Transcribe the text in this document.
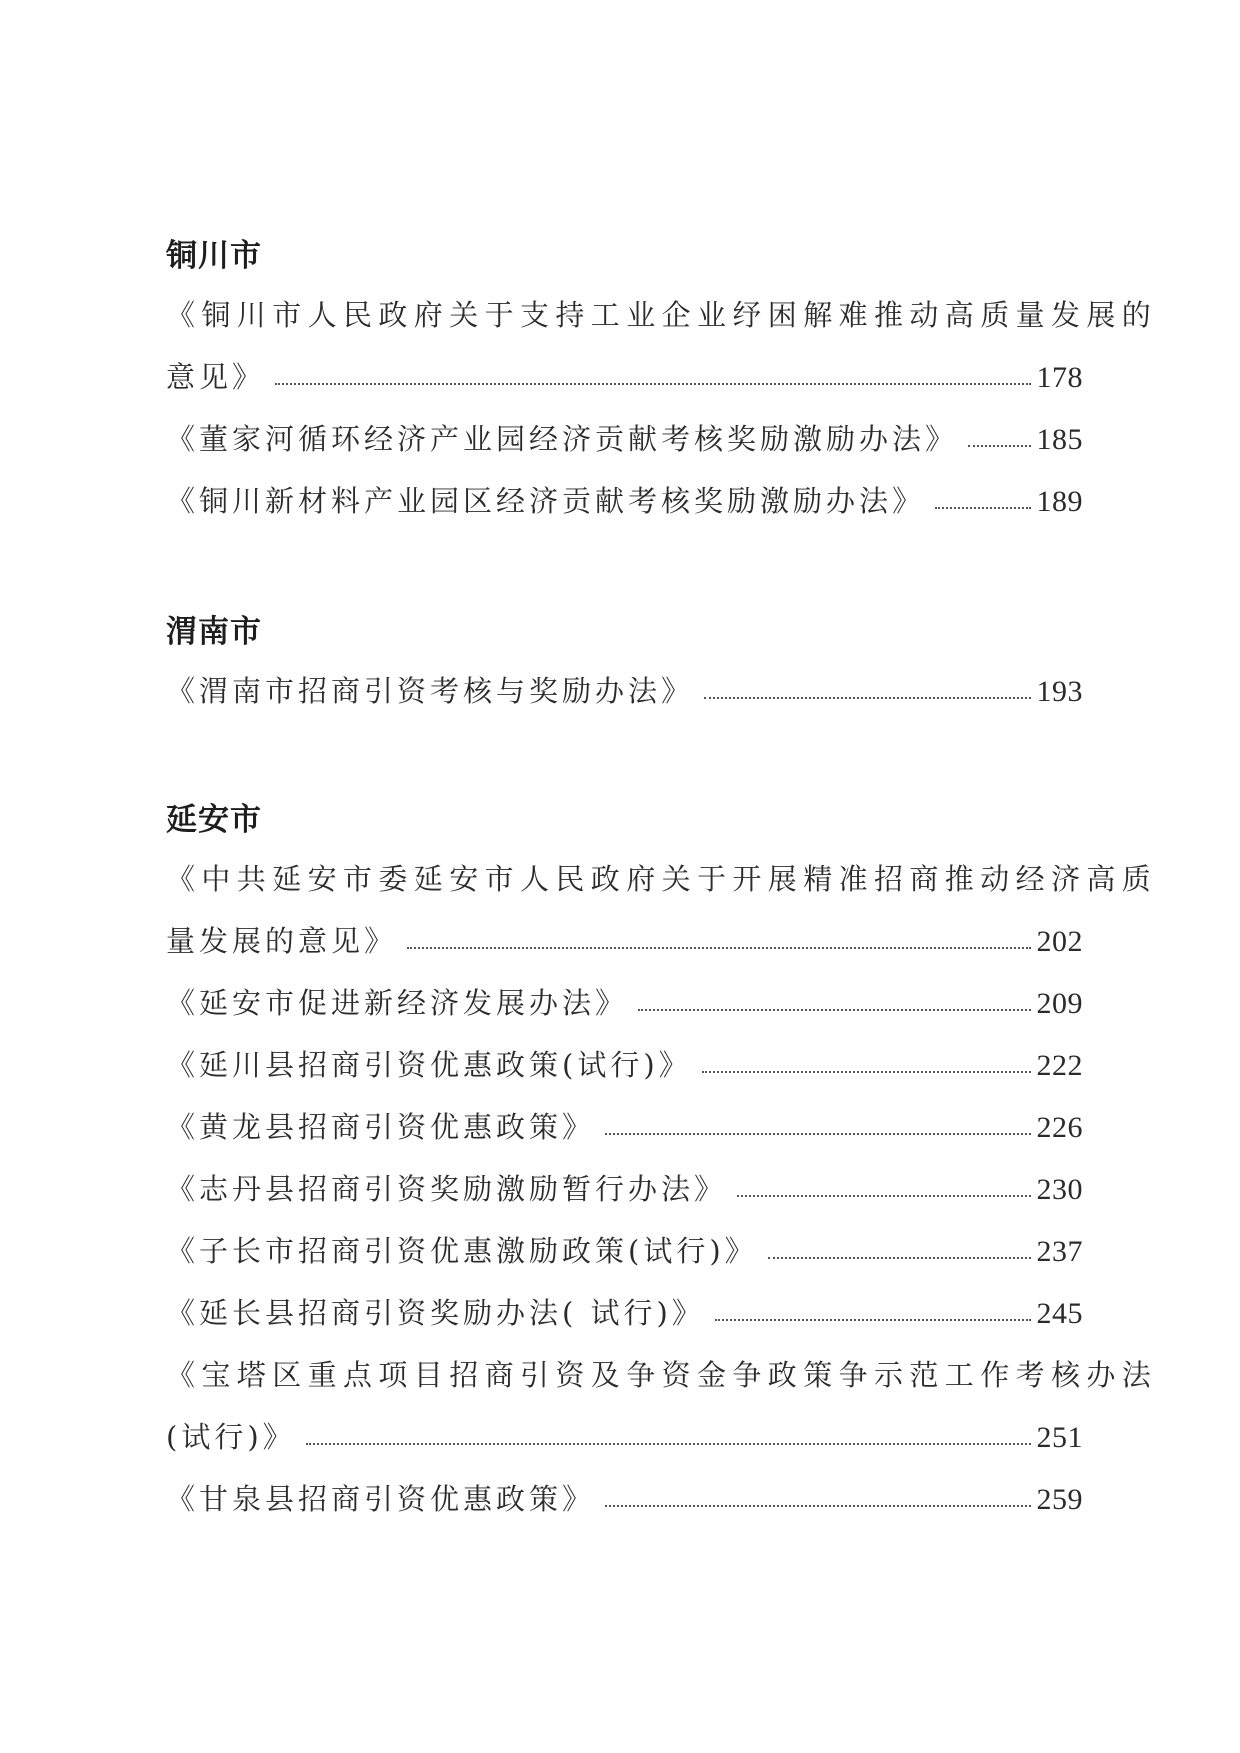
铜川市
《铜川市人民政府关于支持工业企业纾困解难推动高质量发展的
意见》	178
《董家河循环经济产业园经济贡献考核奖励激励办法》	185
《铜川新材料产业园区经济贡献考核奖励激励办法》	189
渭南市
《渭南市招商引资考核与奖励办法》	193
延安市
《中共延安市委延安市人民政府关于开展精准招商推动经济高质
量发展的意见》	202
《延安市促进新经济发展办法》	209
《延川县招商引资优惠政策(试行)》	222
《黄龙县招商引资优惠政策》	226
《志丹县招商引资奖励激励暂行办法》	230
《子长市招商引资优惠激励政策(试行)》	237
《延长县招商引资奖励办法( 试行)》	245
《宝塔区重点项目招商引资及争资金争政策争示范工作考核办法
(试行)》	251
《甘泉县招商引资优惠政策》	259
